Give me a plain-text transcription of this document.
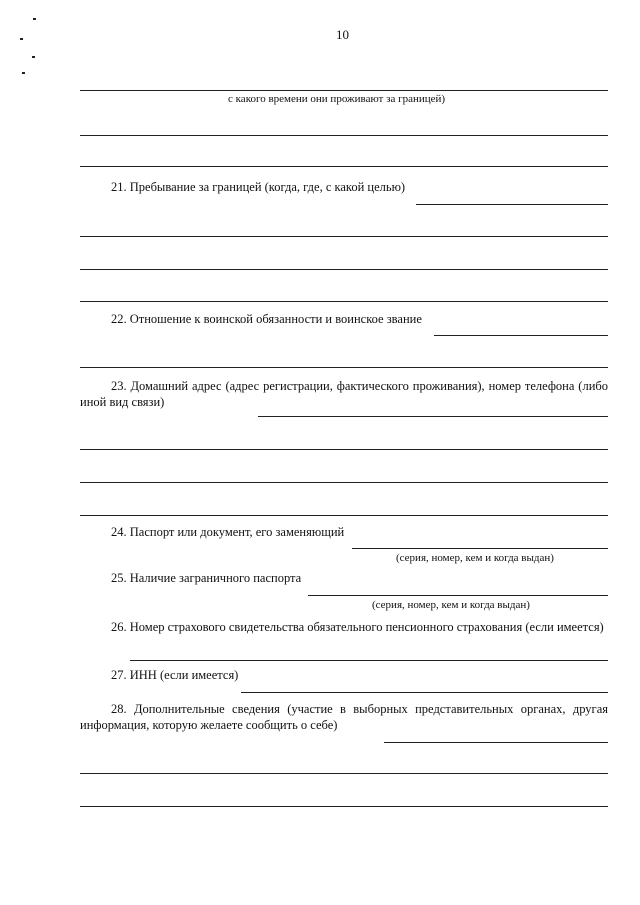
10
с какого времени они проживают за границей)
21. Пребывание за границей (когда, где, с какой целью)
22. Отношение к воинской обязанности и воинское звание
23. Домашний адрес (адрес регистрации, фактического проживания), номер телефона (либо иной вид связи)
24. Паспорт или документ, его заменяющий
(серия, номер, кем и когда выдан)
25. Наличие заграничного паспорта
(серия, номер, кем и когда выдан)
26. Номер страхового свидетельства обязательного пенсионного страхования (если имеется)
27. ИНН (если имеется)
28. Дополнительные сведения (участие в выборных представительных органах, другая информация, которую желаете сообщить о себе)
